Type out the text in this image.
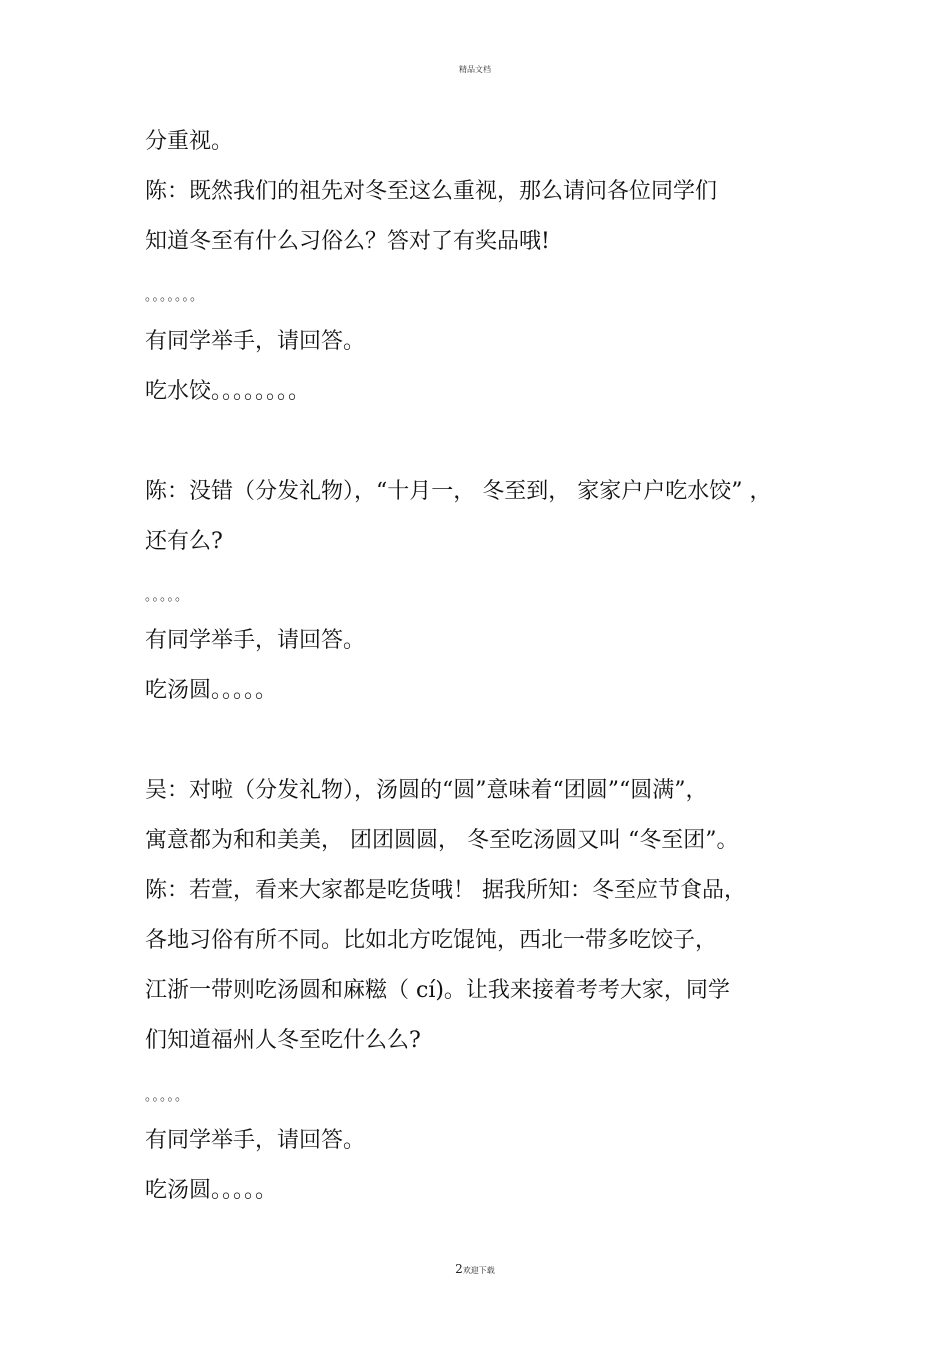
精品文档
分重视。
陈：既然我们的祖先对冬至这么重视，那么请问各位同学们
知道冬至有什么习俗么？答对了有奖品哦!
。。。。。。。
有同学举手，请回答。
吃水饺。。。。。。。。
陈：没错（分发礼物），“十月一， 冬至到， 家家户户吃水饺” ，
还有么?
。。。。。
有同学举手，请回答。
吃汤圆。。。。。
吴：对啦（分发礼物），汤圆的“圆”意味着“团圆”“圆满”，
寓意都为和和美美， 团团圆圆， 冬至吃汤圆又叫 “冬至团”。
陈：若萱，看来大家都是吃货哦！ 据我所知：冬至应节食品，
各地习俗有所不同。比如北方吃馄饨，西北一带多吃饺子，
江浙一带则吃汤圆和麻糍（ cí)。让我来接着考考大家，同学
们知道福州人冬至吃什么么?
。。。。。
有同学举手，请回答。
吃汤圆。。。。。
2欢迎下载
